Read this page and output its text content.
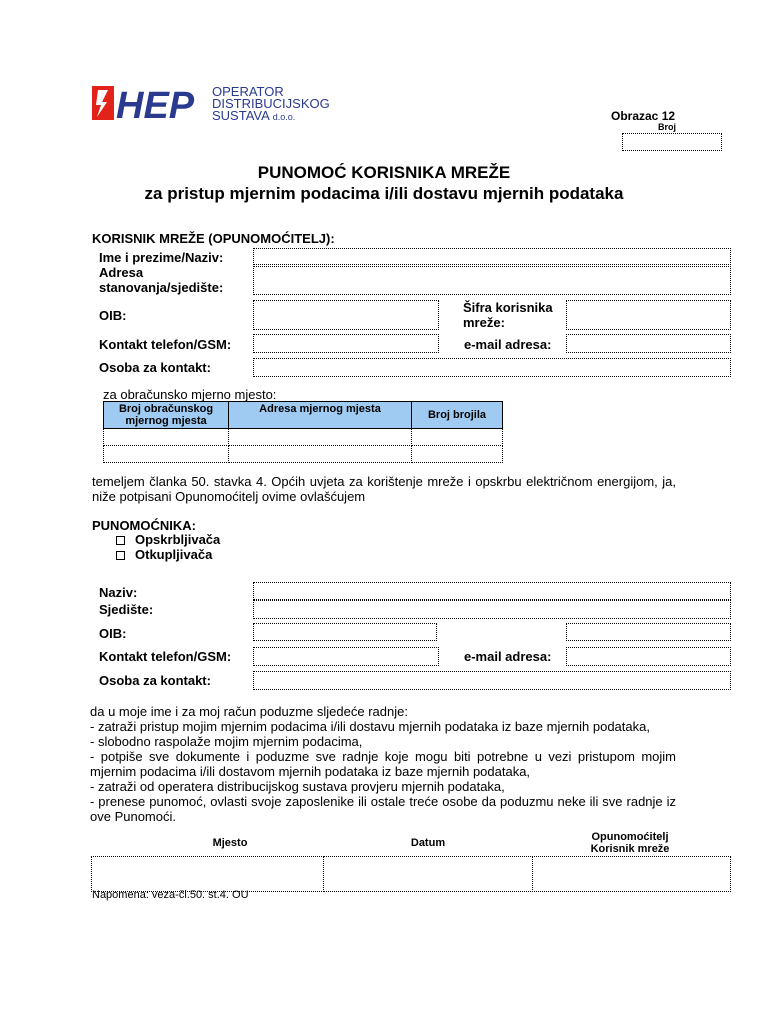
HEP OPERATOR
DISTRIBUCIJSKOG
SUSTAVA d.o.o.	Obrazac 12
Broj
PUNOMOĆ KORISNIKA MREŽE
za pristup mjernim podacima i/ili dostavu mjernih podataka
KORISNIK MREŽE (OPUNOMOĆITELJ):
Ime i prezime/Naziv:
Adresa
stanovanja/sjedište:
OIB:
Šifra korisnika
mreže:
Kontakt telefon/GSM:	e-mail adresa:
Osoba za kontakt:
za obračunsko mjerno mjesto:
Broj obračunskog mjernog mjesta	Adresa mjernog mjesta	Broj brojila

temeljem članka 50. stavka 4. Općih uvjeta za korištenje mreže i opskrbu električnom energijom, ja, niže potpisani Opunomoćitelj ovime ovlašćujem
PUNOMOĆNIKA:
Opskrbljivača
Otkupljivača
Naziv:
Sjedište:
OIB:
Kontakt telefon/GSM:	e-mail adresa:
Osoba za kontakt:
da u moje ime i za moj račun poduzme sljedeće radnje:
- zatraži pristup mojim mjernim podacima i/ili dostavu mjernih podataka iz baze mjernih podataka,
- slobodno raspolaže mojim mjernim podacima,
- potpiše sve dokumente i poduzme sve radnje koje mogu biti potrebne u vezi pristupom mojim mjernim podacima i/ili dostavom mjernih podataka iz baze mjernih podataka,
- zatraži od operatera distribucijskog sustava provjeru mjernih podataka,
- prenese punomoć, ovlasti svoje zaposlenike ili ostale treće osobe da poduzmu neke ili sve radnje iz ove Punomoći.
Mjesto	Datum	Opunomoćitelj
Korisnik mreže
Napomena: veza-čl.50. st.4. OU
